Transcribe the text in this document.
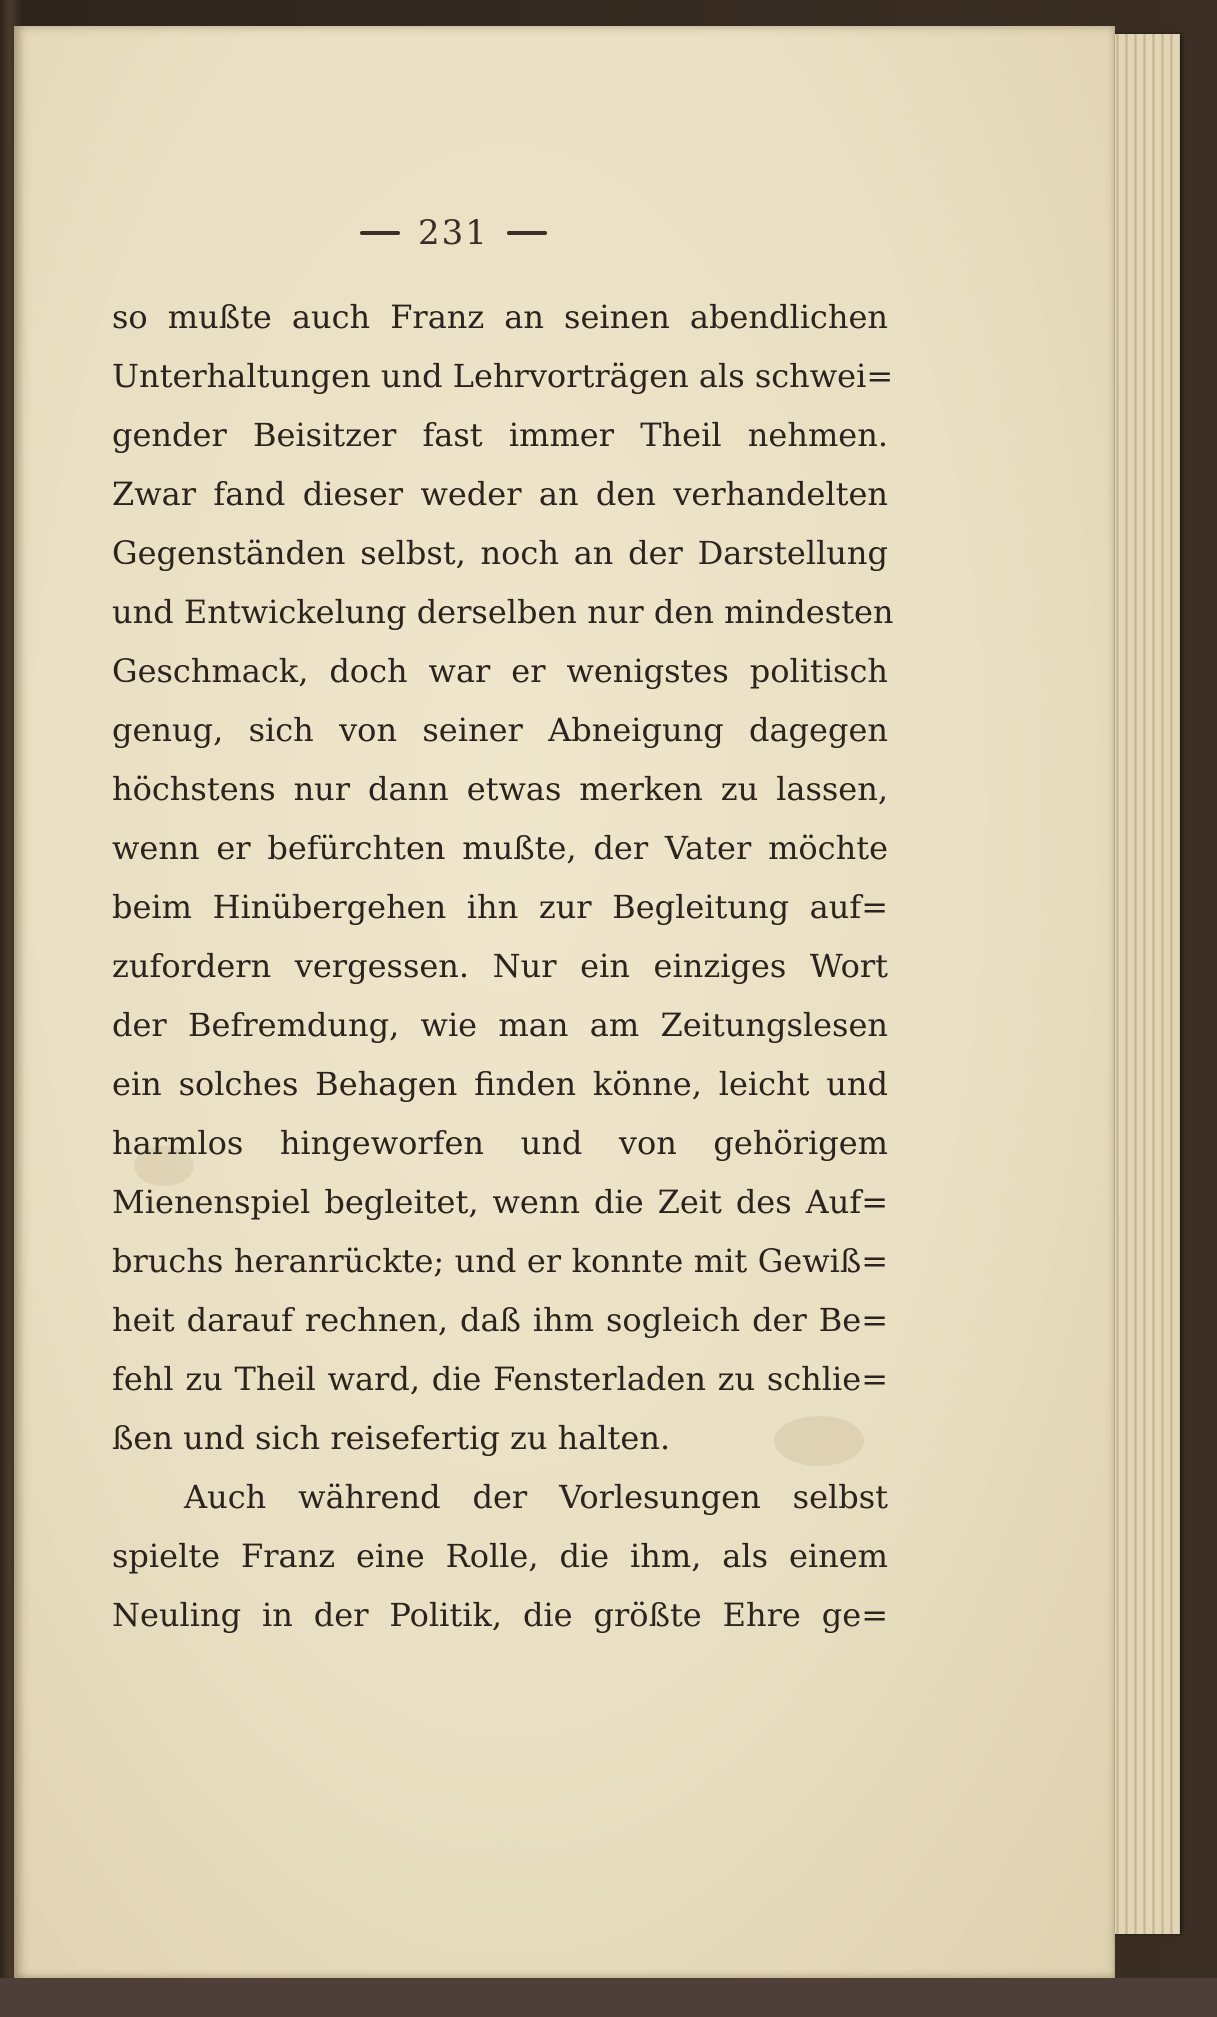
231
so mußte auch Franz an seinen abendlichen
Unterhaltungen und Lehrvorträgen als schwei=
gender Beisitzer fast immer Theil nehmen.
Zwar fand dieser weder an den verhandelten
Gegenständen selbst, noch an der Darstellung
und Entwickelung derselben nur den mindesten
Geschmack, doch war er wenigstes politisch
genug, sich von seiner Abneigung dagegen
höchstens nur dann etwas merken zu lassen,
wenn er befürchten mußte, der Vater möchte
beim Hinübergehen ihn zur Begleitung auf=
zufordern vergessen. Nur ein einziges Wort
der Befremdung, wie man am Zeitungslesen
ein solches Behagen finden könne, leicht und
harmlos hingeworfen und von gehörigem
Mienenspiel begleitet, wenn die Zeit des Auf=
bruchs heranrückte; und er konnte mit Gewiß=
heit darauf rechnen, daß ihm sogleich der Be=
fehl zu Theil ward, die Fensterladen zu schlie=
ßen und sich reisefertig zu halten.
Auch während der Vorlesungen selbst
spielte Franz eine Rolle, die ihm, als einem
Neuling in der Politik, die größte Ehre ge=
